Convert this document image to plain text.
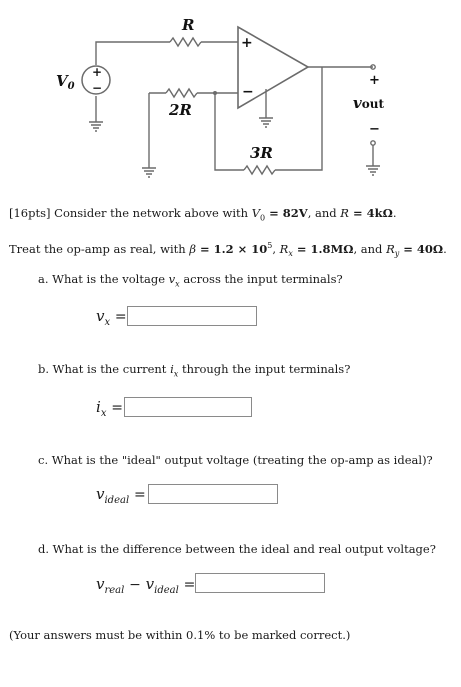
R
2R
3R
$V_0$
+
−
+
−
+
vout
−
[16pts] Consider the network above with $V_0 = 82V$, and R = 4kΩ.
Treat the op-amp as real, with $\beta = 1.2 \times 10^5$, $R_x = 1.8M\Omega$, and $R_y = 40\Omega$.
a. What is the voltage $v_x$ across the input terminals?
$v_x$ =
b. What is the current $i_x$ through the input terminals?
$i_x$ =
c. What is the "ideal" output voltage (treating the op-amp as ideal)?
$v_{ideal}$ =
d. What is the difference between the ideal and real output voltage?
$v_{real} - v_{ideal}$ =
(Your answers must be within 0.1% to be marked correct.)
